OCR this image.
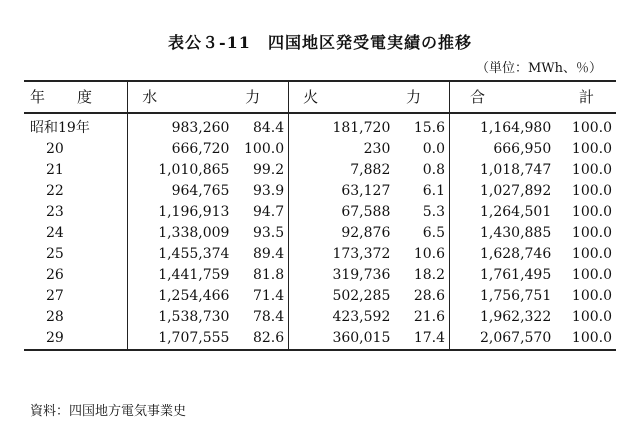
表公３-11　四国地区発受電実績の推移
（単位：MWh、％）
年 度	水 力		火 力		合 計	

昭和19年	983,260	84.4	181,720	15.6	1,164,980	100.0
20	666,720	100.0	230	0.0	666,950	100.0
21	1,010,865	99.2	7,882	0.8	1,018,747	100.0
22	964,765	93.9	63,127	6.1	1,027,892	100.0
23	1,196,913	94.7	67,588	5.3	1,264,501	100.0
24	1,338,009	93.5	92,876	6.5	1,430,885	100.0
25	1,455,374	89.4	173,372	10.6	1,628,746	100.0
26	1,441,759	81.8	319,736	18.2	1,761,495	100.0
27	1,254,466	71.4	502,285	28.6	1,756,751	100.0
28	1,538,730	78.4	423,592	21.6	1,962,322	100.0
29	1,707,555	82.6	360,015	17.4	2,067,570	100.0
資料：四国地方電気事業史
